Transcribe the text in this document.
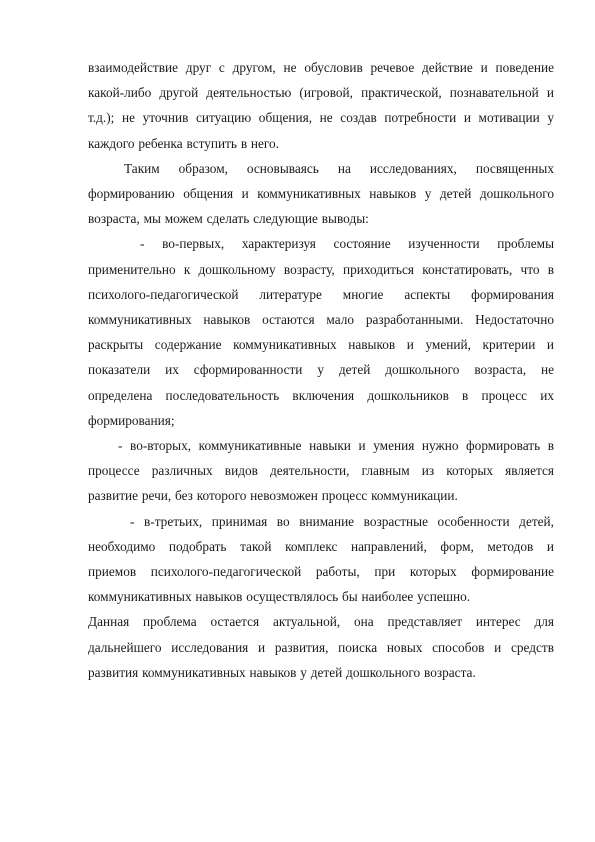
взаимодействие друг с другом, не обусловив речевое действие и поведение
какой-либо другой деятельностью (игровой, практической, познавательной и
т.д.); не уточнив ситуацию общения, не создав потребности и мотивации у
каждого ребенка вступить в него.
Таким образом, основываясь на исследованиях, посвященных
формированию общения и коммуникативных навыков у детей дошкольного
возраста, мы можем сделать следующие выводы:
- во-первых, характеризуя состояние изученности проблемы
применительно к дошкольному возрасту, приходиться констатировать, что в
психолого-педагогической литературе многие аспекты формирования
коммуникативных навыков остаются мало разработанными. Недостаточно
раскрыты содержание коммуникативных навыков и умений, критерии и
показатели их сформированности у детей дошкольного возраста, не
определена последовательность включения дошкольников в процесс их
формирования;
- во-вторых, коммуникативные навыки и умения нужно формировать в
процессе различных видов деятельности, главным из которых является
развитие речи, без которого невозможен процесс коммуникации.
- в-третьих, принимая во внимание возрастные особенности детей,
необходимо подобрать такой комплекс направлений, форм, методов и
приемов психолого-педагогической работы, при которых формирование
коммуникативных навыков осуществлялось бы наиболее успешно.
Данная проблема остается актуальной, она представляет интерес для
дальнейшего исследования и развития, поиска новых способов и средств
развития коммуникативных навыков у детей дошкольного возраста.
